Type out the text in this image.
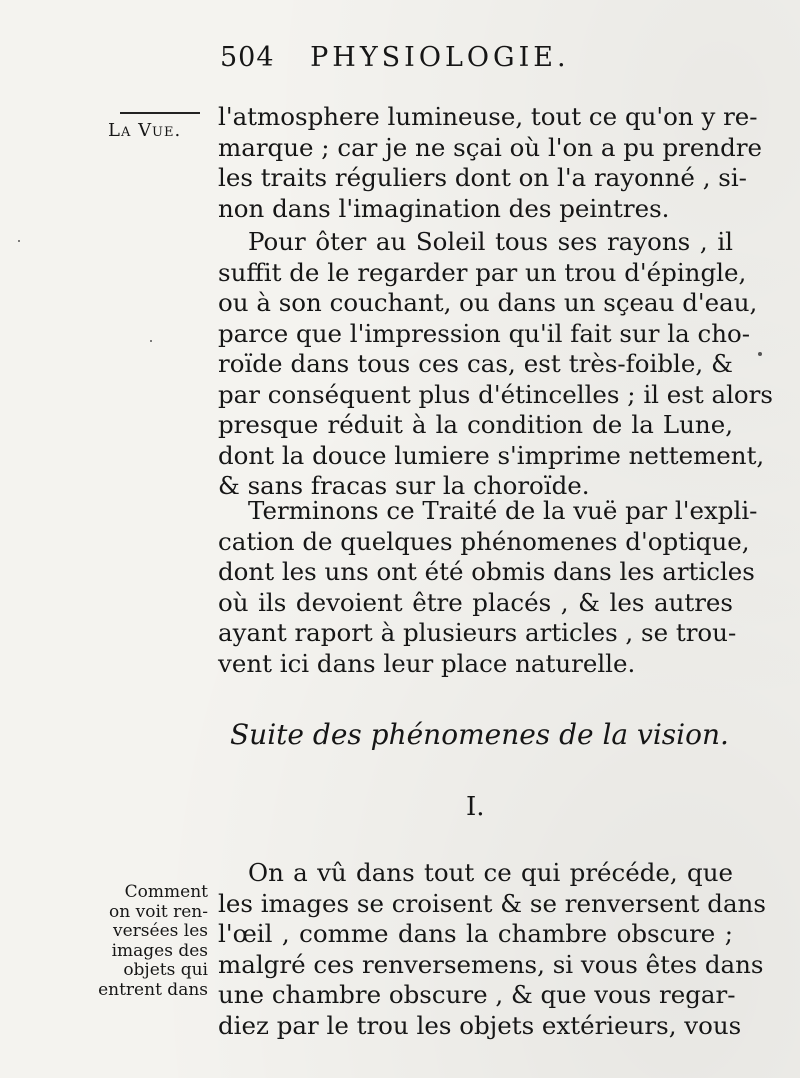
504 PHYSIOLOGIE.
La Vue. l'atmosphere lumineuse, tout ce qu'on y re-
marque ; car je ne sçai où l'on a pu prendre
les traits réguliers dont on l'a rayonné , si-
non dans l'imagination des peintres.
Pour ôter au Soleil tous ses rayons , il
suffit de le regarder par un trou d'épingle,
ou à son couchant, ou dans un sçeau d'eau,
parce que l'impression qu'il fait sur la cho-
roïde dans tous ces cas, est très-foible, &
par conséquent plus d'étincelles ; il est alors
presque réduit à la condition de la Lune,
dont la douce lumiere s'imprime nettement,
& sans fracas sur la choroïde.
Terminons ce Traité de la vuë par l'expli-
cation de quelques phénomenes d'optique,
dont les uns ont été obmis dans les articles
où ils devoient être placés , & les autres
ayant raport à plusieurs articles , se trou-
vent ici dans leur place naturelle.
Suite des phénomenes de la vision.
I.
Comment
on voit ren-
versées les
images des
objets qui
entrent dans
On a vû dans tout ce qui précéde, que
les images se croisent & se renversent dans
l'œil , comme dans la chambre obscure ;
malgré ces renversemens, si vous êtes dans
une chambre obscure , & que vous regar-
diez par le trou les objets extérieurs, vous
